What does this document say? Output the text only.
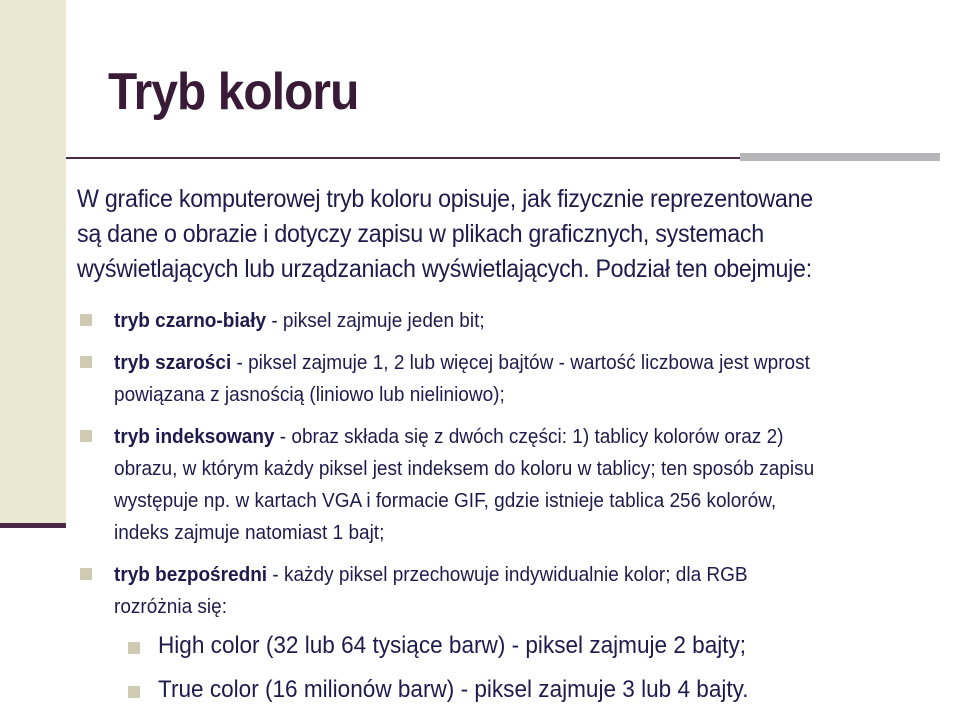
Tryb koloru
W grafice komputerowej tryb koloru opisuje, jak fizycznie reprezentowane
są dane o obrazie i dotyczy zapisu w plikach graficznych, systemach
wyświetlających lub urządzaniach wyświetlających. Podział ten obejmuje:
tryb czarno-biały - piksel zajmuje jeden bit;
tryb szarości - piksel zajmuje 1, 2 lub więcej bajtów - wartość liczbowa jest wprost
powiązana z jasnością (liniowo lub nieliniowo);
tryb indeksowany - obraz składa się z dwóch części: 1) tablicy kolorów oraz 2)
obrazu, w którym każdy piksel jest indeksem do koloru w tablicy; ten sposób zapisu
występuje np. w kartach VGA i formacie GIF, gdzie istnieje tablica 256 kolorów,
indeks zajmuje natomiast 1 bajt;
tryb bezpośredni - każdy piksel przechowuje indywidualnie kolor; dla RGB
rozróżnia się:
High color (32 lub 64 tysiące barw) - piksel zajmuje 2 bajty;
True color (16 milionów barw) - piksel zajmuje 3 lub 4 bajty.
